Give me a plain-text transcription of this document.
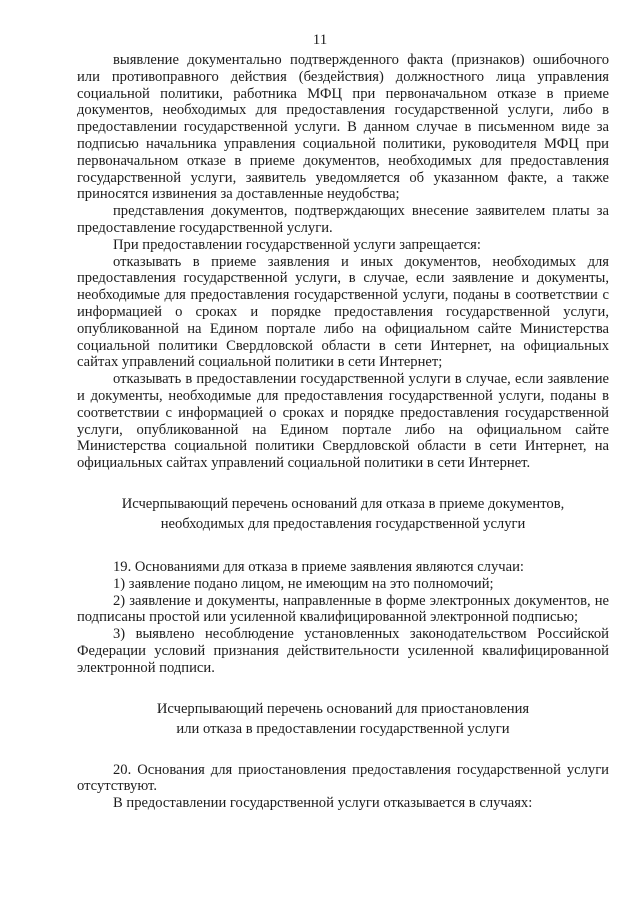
11

выявление документально подтвержденного факта (признаков) ошибочного или противоправного действия (бездействия) должностного лица управления социальной политики, работника МФЦ при первоначальном отказе в приеме документов, необходимых для предоставления государственной услуги, либо в предоставлении государственной услуги. В данном случае в письменном виде за подписью начальника управления социальной политики, руководителя МФЦ при первоначальном отказе в приеме документов, необходимых для предоставления государственной услуги, заявитель уведомляется об указанном факте, а также приносятся извинения за доставленные неудобства;

представления документов, подтверждающих внесение заявителем платы за предоставление государственной услуги.

При предоставлении государственной услуги запрещается:

отказывать в приеме заявления и иных документов, необходимых для предоставления государственной услуги, в случае, если заявление и документы, необходимые для предоставления государственной услуги, поданы в соответствии с информацией о сроках и порядке предоставления государственной услуги, опубликованной на Едином портале либо на официальном сайте Министерства социальной политики Свердловской области в сети Интернет, на официальных сайтах управлений социальной политики в сети Интернет;

отказывать в предоставлении государственной услуги в случае, если заявление и документы, необходимые для предоставления государственной услуги, поданы в соответствии с информацией о сроках и порядке предоставления государственной услуги, опубликованной на Едином портале либо на официальном сайте Министерства социальной политики Свердловской области в сети Интернет, на официальных сайтах управлений социальной политики в сети Интернет.

Исчерпывающий перечень оснований для отказа в приеме документов,

необходимых для предоставления государственной услуги

19. Основаниями для отказа в приеме заявления являются случаи:

1) заявление подано лицом, не имеющим на это полномочий;

2) заявление и документы, направленные в форме электронных документов, не подписаны простой или усиленной квалифицированной электронной подписью;

3) выявлено несоблюдение установленных законодательством Российской Федерации условий признания действительности усиленной квалифицированной электронной подписи.

Исчерпывающий перечень оснований для приостановления

или отказа в предоставлении государственной услуги

20. Основания для приостановления предоставления государственной услуги отсутствуют.

В предоставлении государственной услуги отказывается в случаях:
